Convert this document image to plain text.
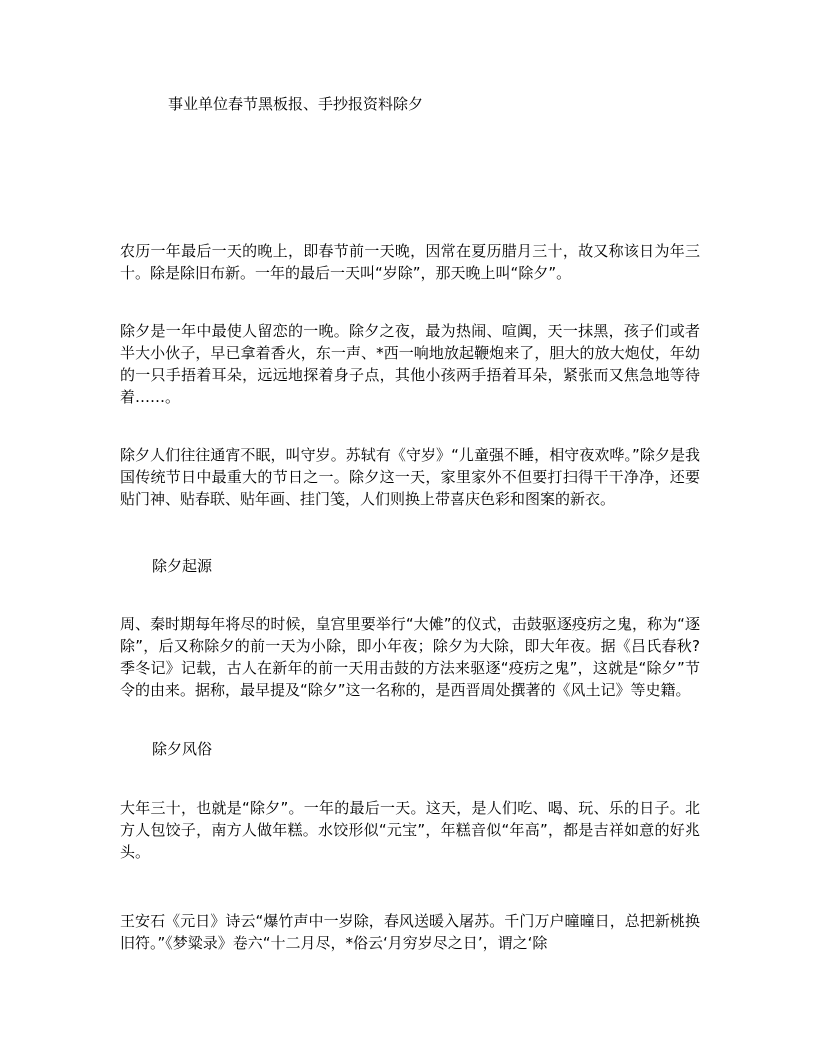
事业单位春节黑板报、手抄报资料除夕
农历一年最后一天的晚上，即春节前一天晚，因常在夏历腊月三十，故又称该日为年三十。除是除旧布新。一年的最后一天叫“岁除”，那天晚上叫“除夕”。
除夕是一年中最使人留恋的一晚。除夕之夜，最为热闹、喧阗，天一抹黑，孩子们或者半大小伙子，早已拿着香火，东一声、*西一响地放起鞭炮来了，胆大的放大炮仗，年幼的一只手捂着耳朵，远远地探着身子点，其他小孩两手捂着耳朵，紧张而又焦急地等待着……。
除夕人们往往通宵不眠，叫守岁。苏轼有《守岁》“儿童强不睡，相守夜欢哗。”除夕是我国传统节日中最重大的节日之一。除夕这一天，家里家外不但要打扫得干干净净，还要贴门神、贴春联、贴年画、挂门笺，人们则换上带喜庆色彩和图案的新衣。
除夕起源
周、秦时期每年将尽的时候，皇宫里要举行“大傩”的仪式，击鼓驱逐疫疠之鬼，称为“逐除”，后又称除夕的前一天为小除，即小年夜；除夕为大除，即大年夜。据《吕氏春秋?季冬记》记载，古人在新年的前一天用击鼓的方法来驱逐“疫疠之鬼”，这就是“除夕”节令的由来。据称，最早提及“除夕”这一名称的，是西晋周处撰著的《风土记》等史籍。
除夕风俗
大年三十，也就是“除夕”。一年的最后一天。这天，是人们吃、喝、玩、乐的日子。北方人包饺子，南方人做年糕。水饺形似“元宝”，年糕音似“年高”，都是吉祥如意的好兆头。
王安石《元日》诗云“爆竹声中一岁除，春风送暖入屠苏。千门万户曈曈日，总把新桃换旧符。”《梦粱录》卷六“十二月尽，*俗云‘月穷岁尽之日’，谓之‘除
